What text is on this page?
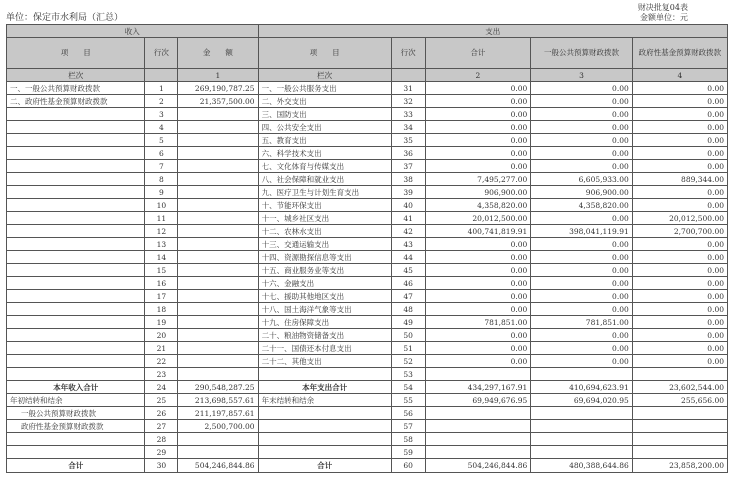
单位：保定市水利局（汇总）
财决批复04表
金额单位：元
收入			支出				
项　　目	行次	金　　额	项　　目	行次	合计	一般公共预算财政拨款	政府性基金预算财政拨款
栏次		1	栏次		2	3	4
一、一般公共预算财政拨款	1	269,190,787.25	一、一般公共服务支出	31	0.00	0.00	0.00
二、政府性基金预算财政拨款	2	21,357,500.00	二、外交支出	32	0.00	0.00	0.00
	3		三、国防支出	33	0.00	0.00	0.00
	4		四、公共安全支出	34	0.00	0.00	0.00
	5		五、教育支出	35	0.00	0.00	0.00
	6		六、科学技术支出	36	0.00	0.00	0.00
	7		七、文化体育与传媒支出	37	0.00	0.00	0.00
	8		八、社会保障和就业支出	38	7,495,277.00	6,605,933.00	889,344.00
	9		九、医疗卫生与计划生育支出	39	906,900.00	906,900.00	0.00
	10		十、节能环保支出	40	4,358,820.00	4,358,820.00	0.00
	11		十一、城乡社区支出	41	20,012,500.00	0.00	20,012,500.00
	12		十二、农林水支出	42	400,741,819.91	398,041,119.91	2,700,700.00
	13		十三、交通运输支出	43	0.00	0.00	0.00
	14		十四、资源勘探信息等支出	44	0.00	0.00	0.00
	15		十五、商业服务业等支出	45	0.00	0.00	0.00
	16		十六、金融支出	46	0.00	0.00	0.00
	17		十七、援助其他地区支出	47	0.00	0.00	0.00
	18		十八、国土海洋气象等支出	48	0.00	0.00	0.00
	19		十九、住房保障支出	49	781,851.00	781,851.00	0.00
	20		二十、粮油物资储备支出	50	0.00	0.00	0.00
	21		二十一、国债还本付息支出	51	0.00	0.00	0.00
	22		二十二、其他支出	52	0.00	0.00	0.00
	23			53			
本年收入合计	24	290,548,287.25	本年支出合计	54	434,297,167.91	410,694,623.91	23,602,544.00
年初结转和结余	25	213,698,557.61	年末结转和结余	55	69,949,676.95	69,694,020.95	255,656.00
一般公共预算财政拨款	26	211,197,857.61		56			
政府性基金预算财政拨款	27	2,500,700.00		57			
	28			58			
	29			59			
合计	30	504,246,844.86	合计	60	504,246,844.86	480,388,644.86	23,858,200.00
